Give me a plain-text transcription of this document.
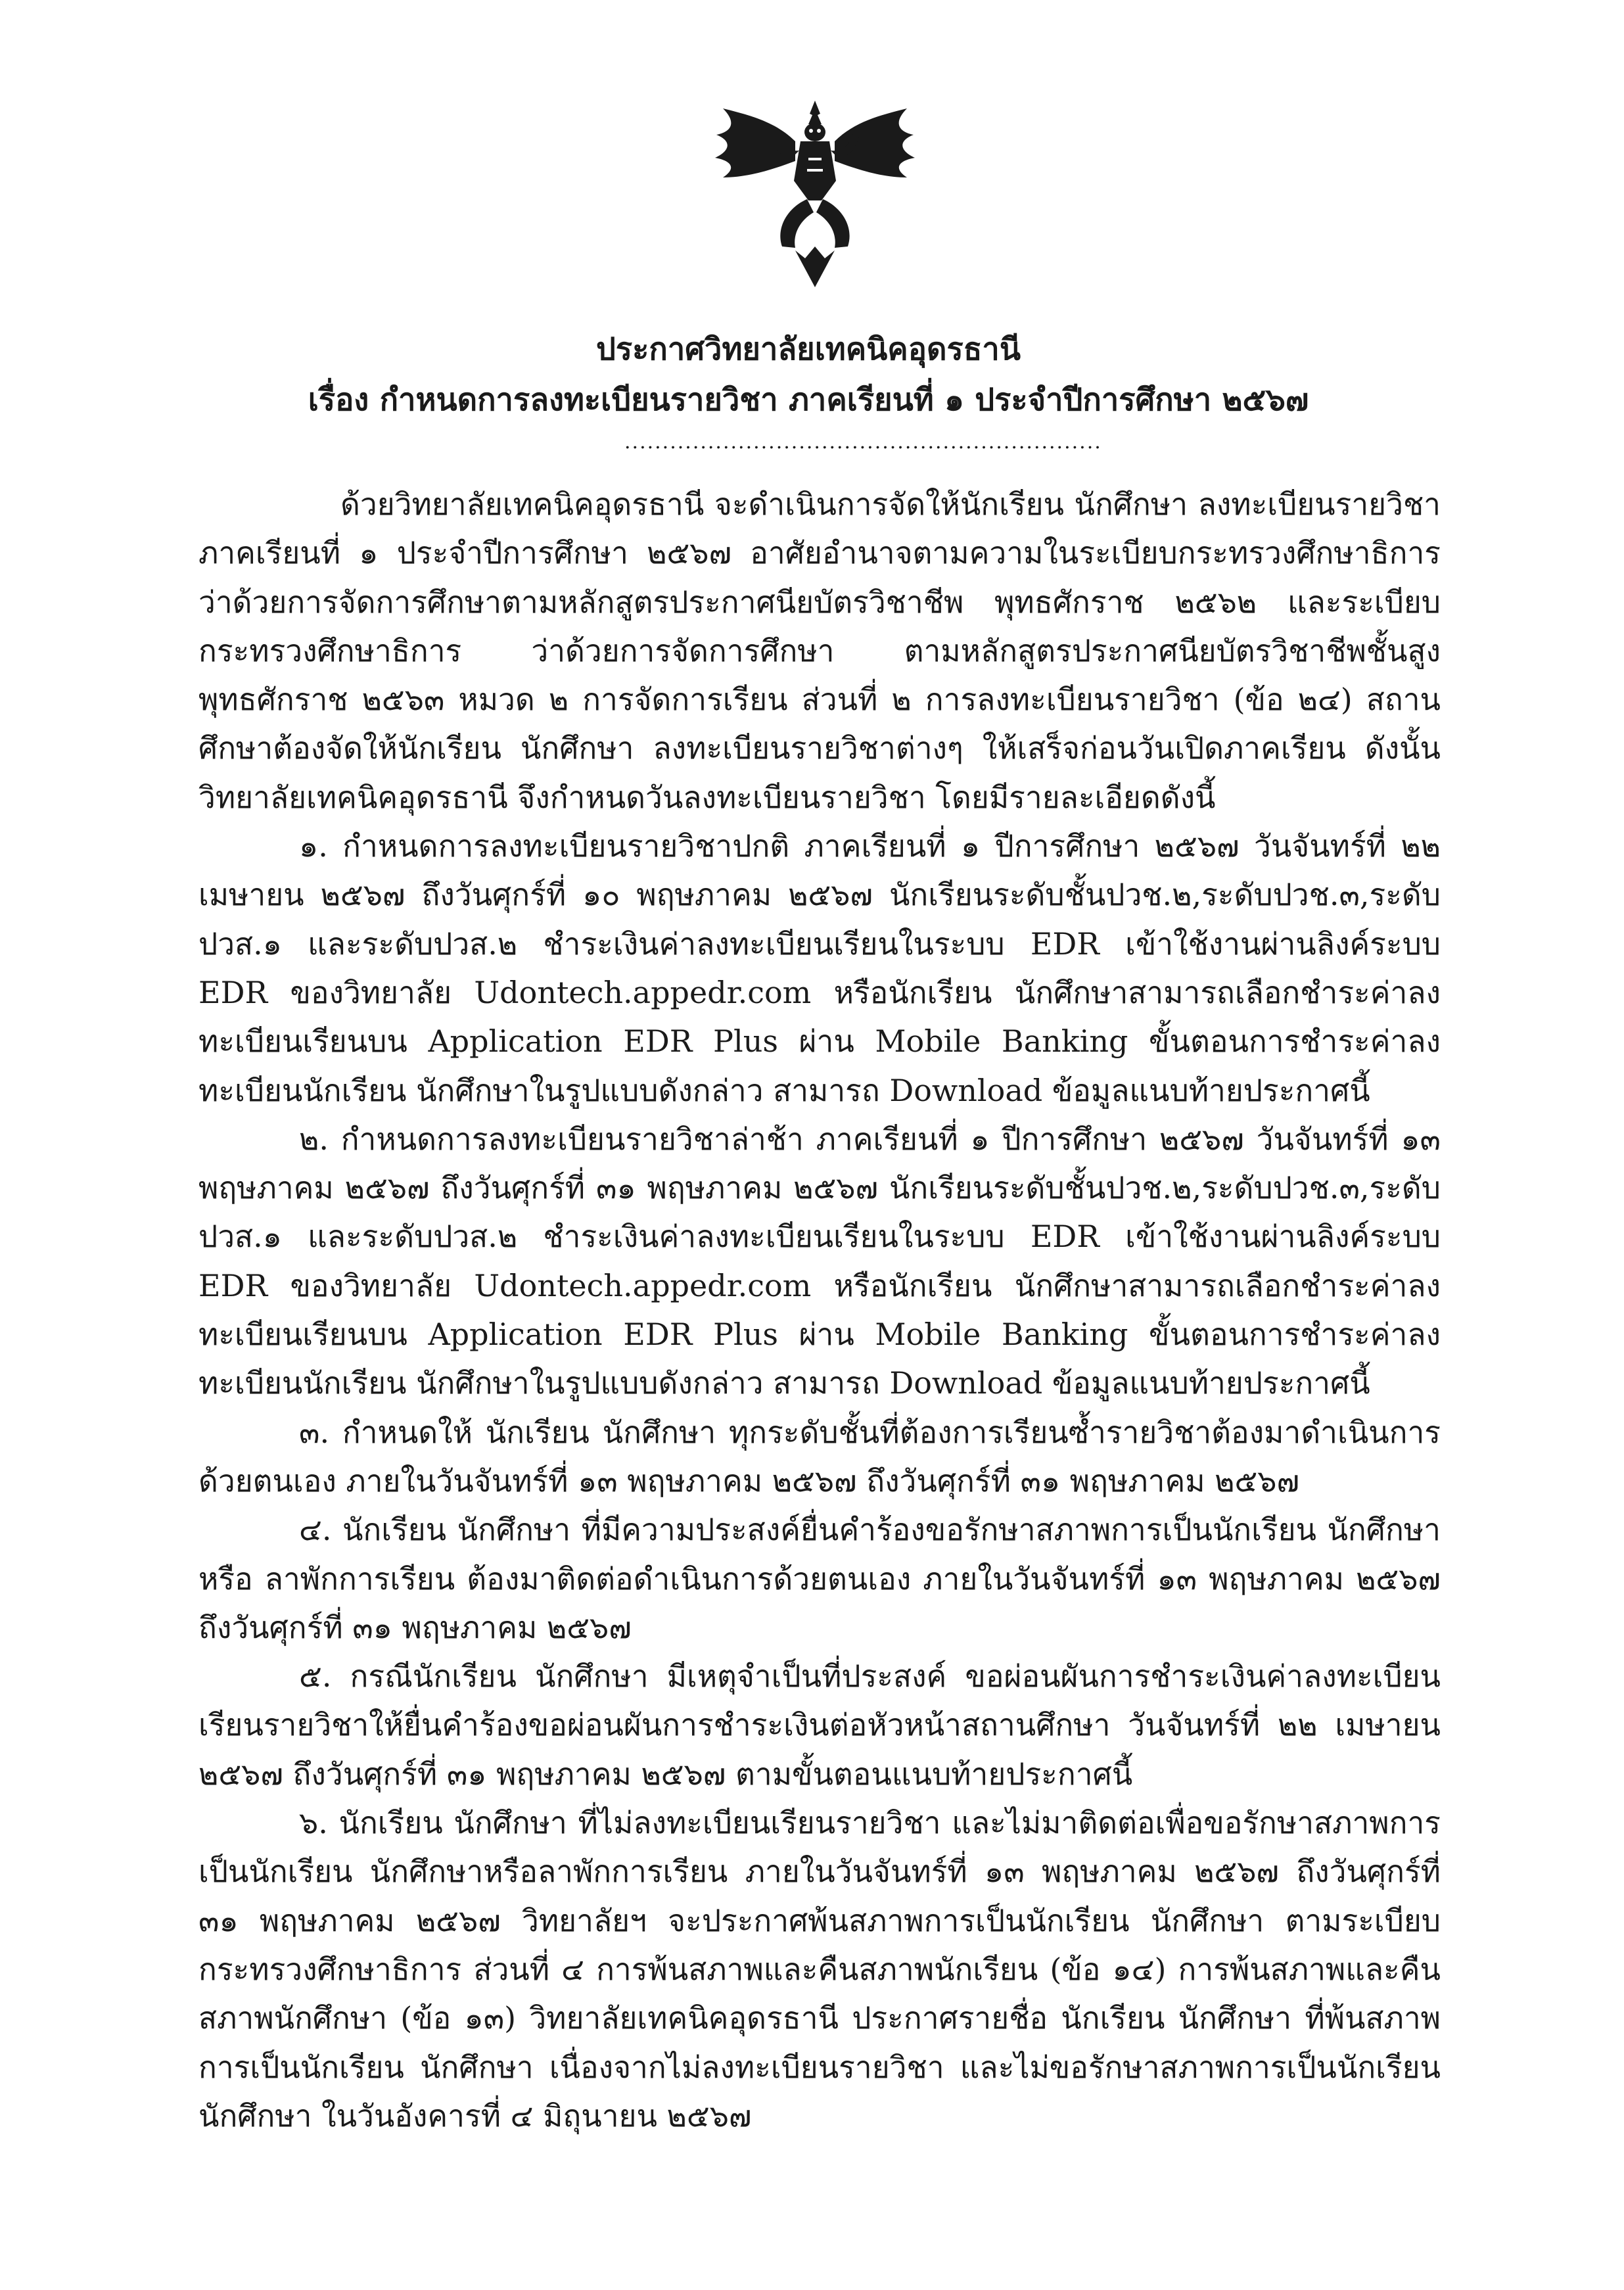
ประกาศวิทยาลัยเทคนิคอุดรธานี
เรื่อง กำหนดการลงทะเบียนรายวิชา ภาคเรียนที่ ๑ ประจำปีการศึกษา ๒๕๖๗
...............................................................

ด้วยวิทยาลัยเทคนิคอุดรธานี จะดำเนินการจัดให้นักเรียน นักศึกษา ลงทะเบียนรายวิชา ภาคเรียนที่ ๑ ประจำปีการศึกษา ๒๕๖๗ อาศัยอำนาจตามความในระเบียบกระทรวงศึกษาธิการ ว่าด้วยการจัดการศึกษาตามหลักสูตรประกาศนียบัตรวิชาชีพ พุทธศักราช ๒๕๖๒ และระเบียบกระทรวงศึกษาธิการ ว่าด้วยการจัดการศึกษา ตามหลักสูตรประกาศนียบัตรวิชาชีพชั้นสูง พุทธศักราช ๒๕๖๓ หมวด ๒ การจัดการเรียน ส่วนที่ ๒ การลงทะเบียนรายวิชา (ข้อ ๒๔) สถานศึกษาต้องจัดให้นักเรียน นักศึกษา ลงทะเบียนรายวิชาต่างๆ ให้เสร็จก่อนวันเปิดภาคเรียน ดังนั้นวิทยาลัยเทคนิคอุดรธานี จึงกำหนดวันลงทะเบียนรายวิชา โดยมีรายละเอียดดังนี้

๑. กำหนดการลงทะเบียนรายวิชาปกติ ภาคเรียนที่ ๑ ปีการศึกษา ๒๕๖๗ วันจันทร์ที่ ๒๒ เมษายน ๒๕๖๗ ถึงวันศุกร์ที่ ๑๐ พฤษภาคม ๒๕๖๗ นักเรียนระดับชั้นปวช.๒,ระดับปวช.๓,ระดับปวส.๑ และระดับปวส.๒ ชำระเงินค่าลงทะเบียนเรียนในระบบ EDR เข้าใช้งานผ่านลิงค์ระบบ EDR ของวิทยาลัย Udontech.appedr.com หรือนักเรียน นักศึกษาสามารถเลือกชำระค่าลงทะเบียนเรียนบน Application EDR Plus ผ่าน Mobile Banking ขั้นตอนการชำระค่าลงทะเบียนนักเรียน นักศึกษาในรูปแบบดังกล่าว สามารถ Download ข้อมูลแนบท้ายประกาศนี้

๒. กำหนดการลงทะเบียนรายวิชาล่าช้า ภาคเรียนที่ ๑ ปีการศึกษา ๒๕๖๗ วันจันทร์ที่ ๑๓ พฤษภาคม ๒๕๖๗ ถึงวันศุกร์ที่ ๓๑ พฤษภาคม ๒๕๖๗ นักเรียนระดับชั้นปวช.๒,ระดับปวช.๓,ระดับปวส.๑ และระดับปวส.๒ ชำระเงินค่าลงทะเบียนเรียนในระบบ EDR เข้าใช้งานผ่านลิงค์ระบบ EDR ของวิทยาลัย Udontech.appedr.com หรือนักเรียน นักศึกษาสามารถเลือกชำระค่าลงทะเบียนเรียนบน Application EDR Plus ผ่าน Mobile Banking ขั้นตอนการชำระค่าลงทะเบียนนักเรียน นักศึกษาในรูปแบบดังกล่าว สามารถ Download ข้อมูลแนบท้ายประกาศนี้

๓. กำหนดให้ นักเรียน นักศึกษา ทุกระดับชั้นที่ต้องการเรียนซ้ำรายวิชาต้องมาดำเนินการด้วยตนเอง ภายในวันจันทร์ที่ ๑๓ พฤษภาคม ๒๕๖๗ ถึงวันศุกร์ที่ ๓๑ พฤษภาคม ๒๕๖๗

๔. นักเรียน นักศึกษา ที่มีความประสงค์ยื่นคำร้องขอรักษาสภาพการเป็นนักเรียน นักศึกษา หรือ ลาพักการเรียน ต้องมาติดต่อดำเนินการด้วยตนเอง ภายในวันจันทร์ที่ ๑๓ พฤษภาคม ๒๕๖๗ ถึงวันศุกร์ที่ ๓๑ พฤษภาคม ๒๕๖๗

๕. กรณีนักเรียน นักศึกษา มีเหตุจำเป็นที่ประสงค์ ขอผ่อนผันการชำระเงินค่าลงทะเบียนเรียนรายวิชาให้ยื่นคำร้องขอผ่อนผันการชำระเงินต่อหัวหน้าสถานศึกษา วันจันทร์ที่ ๒๒ เมษายน ๒๕๖๗ ถึงวันศุกร์ที่ ๓๑ พฤษภาคม ๒๕๖๗ ตามขั้นตอนแนบท้ายประกาศนี้

๖. นักเรียน นักศึกษา ที่ไม่ลงทะเบียนเรียนรายวิชา และไม่มาติดต่อเพื่อขอรักษาสภาพการเป็นนักเรียน นักศึกษาหรือลาพักการเรียน ภายในวันจันทร์ที่ ๑๓ พฤษภาคม ๒๕๖๗ ถึงวันศุกร์ที่ ๓๑ พฤษภาคม ๒๕๖๗ วิทยาลัยฯ จะประกาศพ้นสภาพการเป็นนักเรียน นักศึกษา ตามระเบียบกระทรวงศึกษาธิการ ส่วนที่ ๔ การพ้นสภาพและคืนสภาพนักเรียน (ข้อ ๑๔) การพ้นสภาพและคืนสภาพนักศึกษา (ข้อ ๑๓) วิทยาลัยเทคนิคอุดรธานี ประกาศรายชื่อ นักเรียน นักศึกษา ที่พ้นสภาพการเป็นนักเรียน นักศึกษา เนื่องจากไม่ลงทะเบียนรายวิชา และไม่ขอรักษาสภาพการเป็นนักเรียน นักศึกษา ในวันอังคารที่ ๔ มิถุนายน ๒๕๖๗
